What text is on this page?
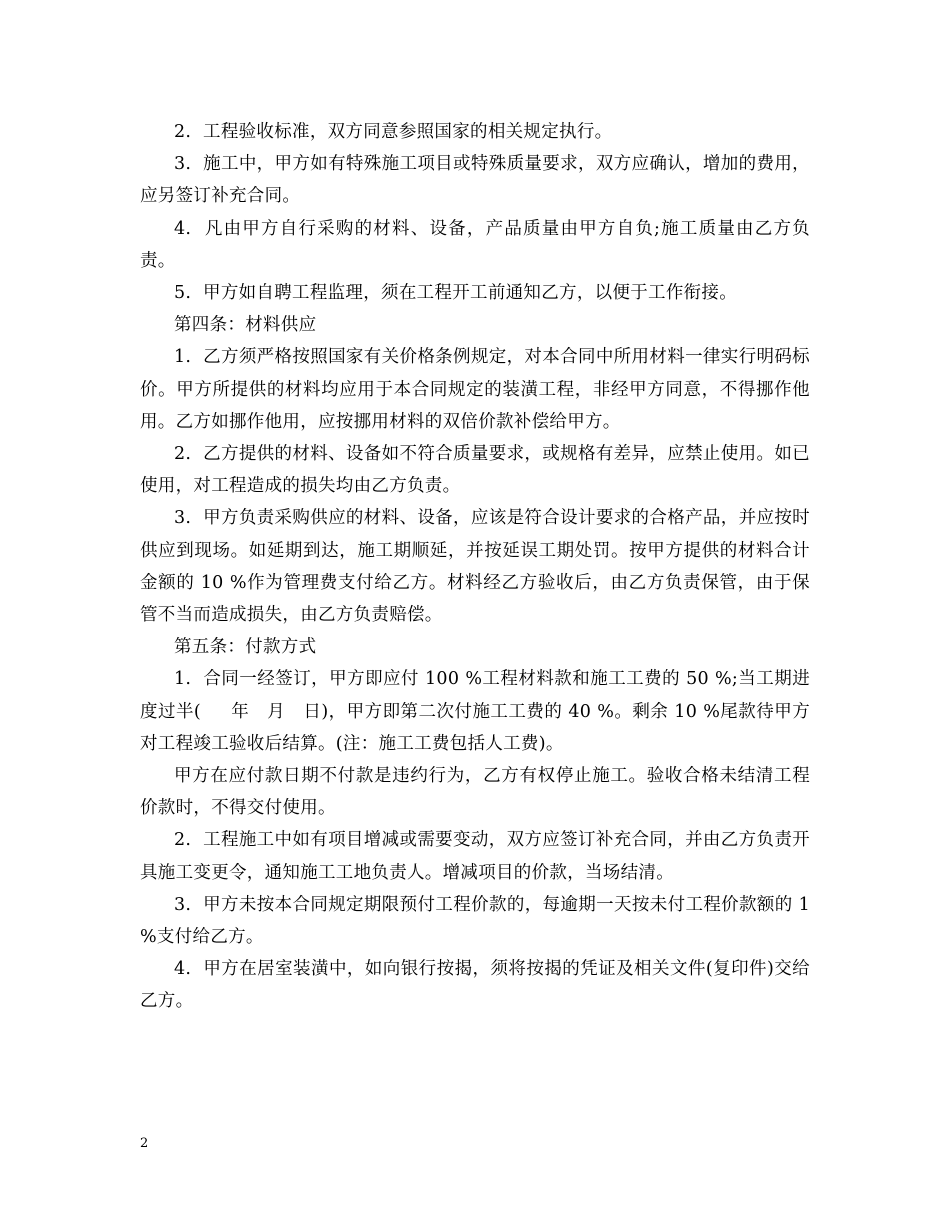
2.  工程验收标准，双方同意参照国家的相关规定执行。

3.  施工中，甲方如有特殊施工项目或特殊质量要求，双方应确认，增加的费用，应另签订补充合同。

4.  凡由甲方自行采购的材料、设备，产品质量由甲方自负;施工质量由乙方负责。

5.  甲方如自聘工程监理，须在工程开工前通知乙方，以便于工作衔接。

第四条：材料供应

1.  乙方须严格按照国家有关价格条例规定，对本合同中所用材料一律实行明码标价。甲方所提供的材料均应用于本合同规定的装潢工程，非经甲方同意，不得挪作他用。乙方如挪作他用，应按挪用材料的双倍价款补偿给甲方。

2.  乙方提供的材料、设备如不符合质量要求，或规格有差异，应禁止使用。如已使用，对工程造成的损失均由乙方负责。

3.  甲方负责采购供应的材料、设备，应该是符合设计要求的合格产品，并应按时供应到现场。如延期到达，施工期顺延，并按延误工期处罚。按甲方提供的材料合计金额的 10 %作为管理费支付给乙方。材料经乙方验收后，由乙方负责保管，由于保管不当而造成损失，由乙方负责赔偿。

第五条：付款方式

1.  合同一经签订，甲方即应付 100 %工程材料款和施工工费的 50 %;当工期进度过半(     年   月   日)，甲方即第二次付施工工费的 40 %。剩余 10 %尾款待甲方对工程竣工验收后结算。(注：施工工费包括人工费)。

甲方在应付款日期不付款是违约行为，乙方有权停止施工。验收合格未结清工程价款时，不得交付使用。

2.  工程施工中如有项目增减或需要变动，双方应签订补充合同，并由乙方负责开具施工变更令，通知施工工地负责人。增减项目的价款，当场结清。

3.  甲方未按本合同规定期限预付工程价款的，每逾期一天按未付工程价款额的 1 %支付给乙方。

4.  甲方在居室装潢中，如向银行按揭，须将按揭的凭证及相关文件(复印件)交给乙方。

2
